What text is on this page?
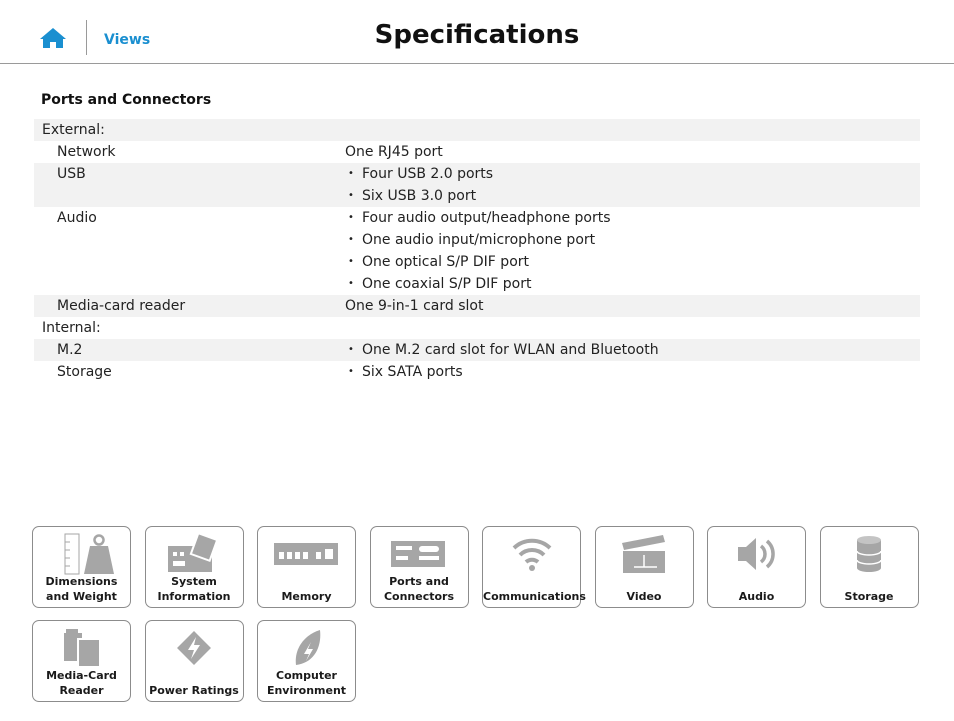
Views	Specifications
Ports and Connectors
External:
Network	One RJ45 port
USB	• Four USB 2.0 ports
• Six USB 3.0 port
Audio	• Four audio output/headphone ports
• One audio input/microphone port
• One optical S/P DIF port
• One coaxial S/P DIF port
Media-card reader	One 9-in-1 card slot
Internal:
M.2	• One M.2 card slot for WLAN and Bluetooth
Storage	• Six SATA ports
Dimensions and Weight
System Information	Memory
Ports and Connectors	Communications	Video	Audio	Storage
Media-Card Reader	Power Ratings
Computer Environment
